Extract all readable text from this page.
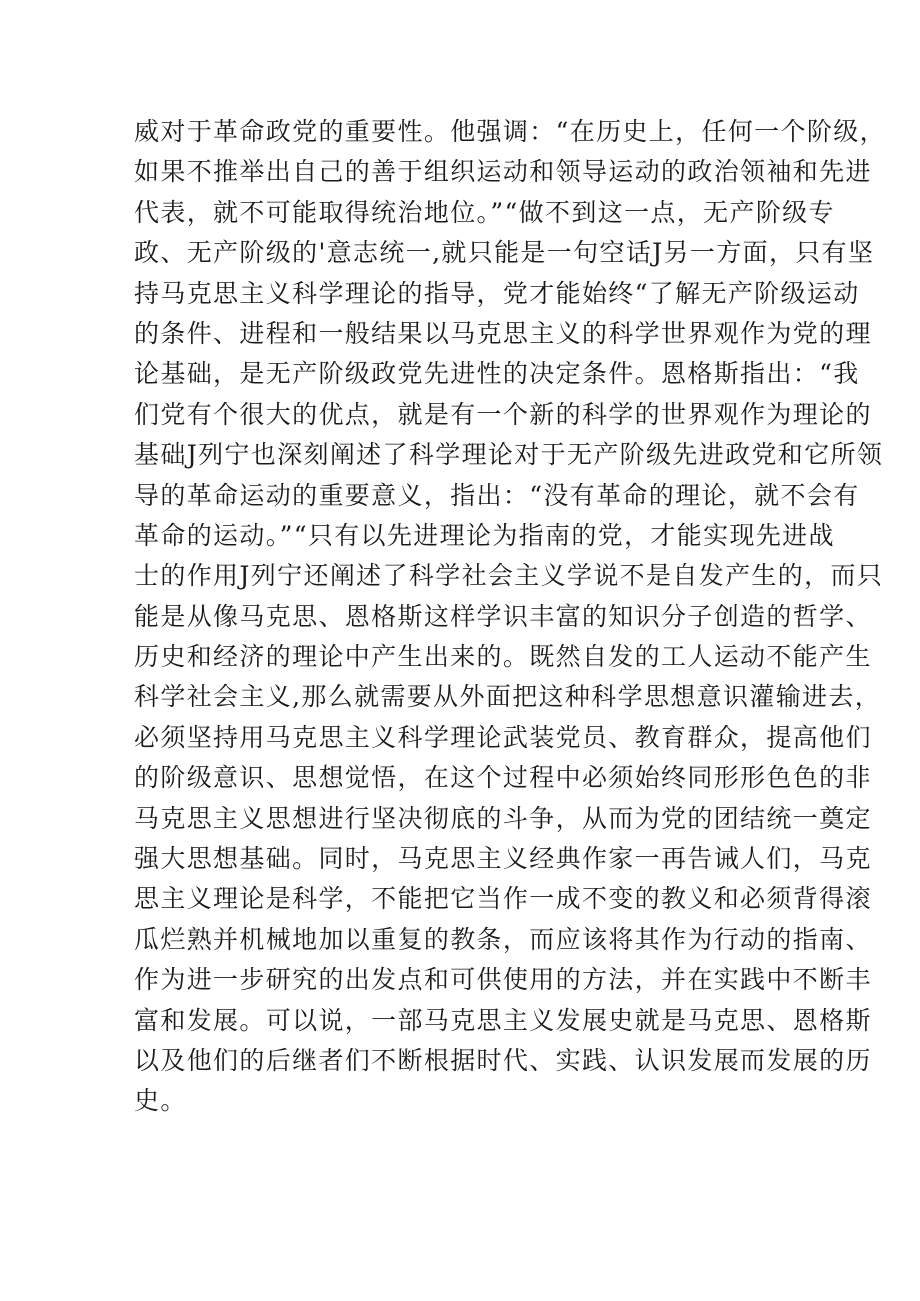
威对于革命政党的重要性。他强调：“在历史上，任何一个阶级，
如果不推举出自己的善于组织运动和领导运动的政治领袖和先进
代表，就不可能取得统治地位。”“做不到这一点，无产阶级专
政、无产阶级的'意志统一,就只能是一句空话J另一方面，只有坚
持马克思主义科学理论的指导，党才能始终“了解无产阶级运动
的条件、进程和一般结果以马克思主义的科学世界观作为党的理
论基础，是无产阶级政党先进性的决定条件。恩格斯指出：“我
们党有个很大的优点，就是有一个新的科学的世界观作为理论的
基础J列宁也深刻阐述了科学理论对于无产阶级先进政党和它所领
导的革命运动的重要意义，指出：“没有革命的理论，就不会有
革命的运动。”“只有以先进理论为指南的党，才能实现先进战
士的作用J列宁还阐述了科学社会主义学说不是自发产生的，而只
能是从像马克思、恩格斯这样学识丰富的知识分子创造的哲学、
历史和经济的理论中产生出来的。既然自发的工人运动不能产生
科学社会主义,那么就需要从外面把这种科学思想意识灌输进去，
必须坚持用马克思主义科学理论武装党员、教育群众，提高他们
的阶级意识、思想觉悟，在这个过程中必须始终同形形色色的非
马克思主义思想进行坚决彻底的斗争，从而为党的团结统一奠定
强大思想基础。同时，马克思主义经典作家一再告诫人们，马克
思主义理论是科学，不能把它当作一成不变的教义和必须背得滚
瓜烂熟并机械地加以重复的教条，而应该将其作为行动的指南、
作为进一步研究的出发点和可供使用的方法，并在实践中不断丰
富和发展。可以说，一部马克思主义发展史就是马克思、恩格斯
以及他们的后继者们不断根据时代、实践、认识发展而发展的历
史。
